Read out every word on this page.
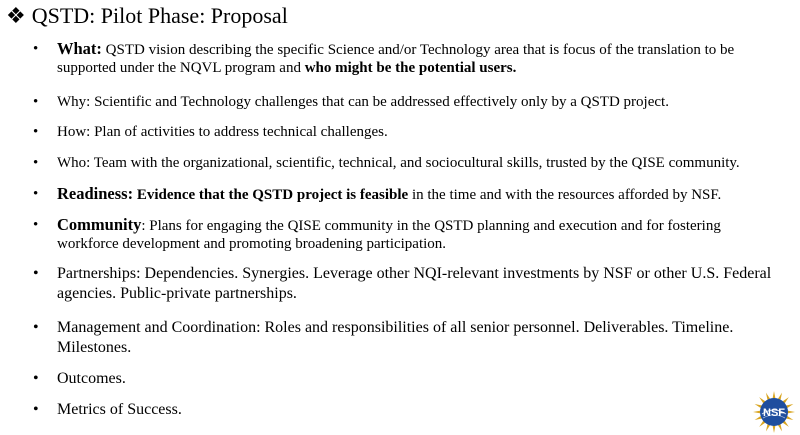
❖ QSTD: Pilot Phase: Proposal
• What: QSTD vision describing the specific Science and/or Technology area that is focus of the translation to be supported under the NQVL program and who might be the potential users.
• Why: Scientific and Technology challenges that can be addressed effectively only by a QSTD project.
• How: Plan of activities to address technical challenges.
• Who: Team with the organizational, scientific, technical, and sociocultural skills, trusted by the QISE community.
• Readiness: Evidence that the QSTD project is feasible in the time and with the resources afforded by NSF.
• Community: Plans for engaging the QISE community in the QSTD planning and execution and for fostering workforce development and promoting broadening participation.
• Partnerships: Dependencies. Synergies. Leverage other NQI-relevant investments by NSF or other U.S. Federal agencies. Public-private partnerships.
• Management and Coordination: Roles and responsibilities of all senior personnel. Deliverables. Timeline. Milestones.
• Outcomes.
• Metrics of Success.	NSF
